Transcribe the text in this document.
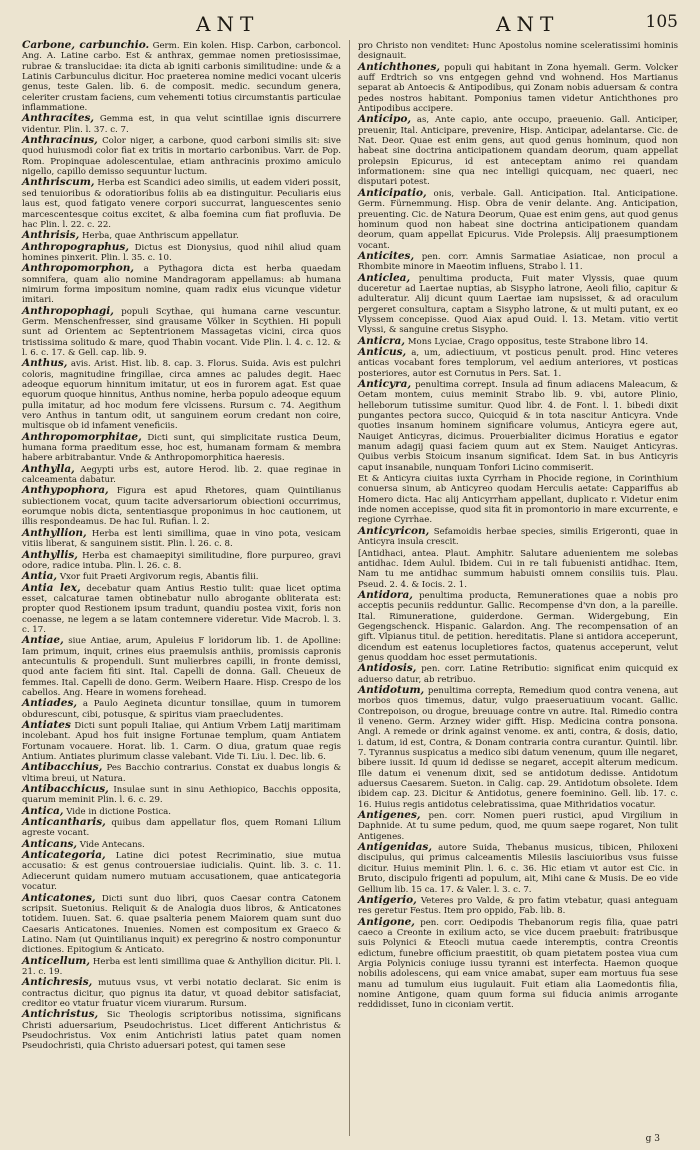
ANT	ANT	105

Carbone, carbunchio. Germ. Ein kolen. Hisp. Carbon, carboncol. Ang. A. Latine carbo. Est & anthrax, gemmae nomen pretiosissimae, rubrae & translucidae: ita dicta ab igniti carbonis similitudine: unde & a Latinis Carbunculus dicitur. Hoc praeterea nomine medici vocant ulceris genus, teste Galen. lib. 6. de composit. medic. secundum genera, celeriter crustam faciens, cum vehementi totius circumstantis particulae inflammatione.

Anthracites, Gemma est, in qua velut scintillae ignis discurrere videntur. Plin. l. 37. c. 7.

Anthracinus, Color niger, a carbone, quod carboni similis sit: sive quod huiusmodi color fiat ex tritis in mortario carbonibus. Varr. de Pop. Rom. Propinquae adolescentulae, etiam anthracinis proximo amiculo nigello, capillo demisso sequuntur luctum.

Anthriscum, Herba est Scandici adeo similis, ut eadem videri possit, sed tenuioribus & odoratioribus foliis ab ea distinguitur. Peculiaris eius laus est, quod fatigato venere corpori succurrat, languescentes senio marcescentesque coitus excitet, & alba foemina cum fiat profluvia. De hac Plin. l. 22. c. 22.

Anthrisis, Herba, quae Anthriscum appellatur.

Anthropographus, Dictus est Dionysius, quod nihil aliud quam homines pinxerit. Plin. l. 35. c. 10.

Anthropomorphon, a Pythagora dicta est herba quaedam somnifera, quam alio nomine Mandragoram appellamus: ab humana nimirum forma impositum nomine, quam radix eius vicunque videtur imitari.

Anthropophagi, populi Scythae, qui humana carne vescuntur. Germ. Menschenfresser, sind grausame Völker in Scythien. Hi populi sunt ad Orientem ac Septentrionem Massagetas vicini, circa quos tristissima solitudo & mare, quod Thabin vocant. Vide Plin. l. 4. c. 12. & l. 6. c. 17. & Gell. cap. lib. 9.

Anthus, avis. Arist. Hist. lib. 8. cap. 3. Florus. Suida. Avis est pulchri coloris, magnitudine fringillae, circa amnes ac paludes degit. Haec adeoque equorum hinnitum imitatur, ut eos in furorem agat. Est quae equorum quoque hinnitus, Anthus nomine, herba populo adeoque equum pulla imitatur, ad hoc modum fere vlcissens. Rursum c. 74. Aegithum vero Anthus in tantum odit, ut sanguinem eorum credant non coire, multisque ob id infament veneficiis.

Anthropomorphitae, Dicti sunt, qui simplicitate rustica Deum, humana forma praeditum esse, hoc est, humanam formam & membra habere arbitrabantur. Vnde & Anthropomorphitica haeresis.

Anthylla, Aegypti urbs est, autore Herod. lib. 2. quae reginae in calceamenta dabatur.

Anthypophora, Figura est apud Rhetores, quam Quintilianus subiectionem vocat, quum tacite adversariorum obiectioni occurrimus, eorumque nobis dicta, sententiasque proponimus in hoc cautionem, ut illis respondeamus. De hac Iul. Rufian. l. 2.

Anthyllion, Herba est lenti simillima, quae in vino pota, vesicam vitiis liberat, & sanguinem sistit. Plin. l. 26. c. 8.

Anthyllis, Herba est chamaepityi similitudine, flore purpureo, gravi odore, radice intuba. Plin. l. 26. c. 8.

Antia, Vxor fuit Praeti Argivorum regis, Abantis filii.

Antia lex, decebatur quam Antius Restio tulit: quae licet optima esset, calcaturae tamen obtinebatur nullo abrogante obliterata est: propter quod Restionem ipsum tradunt, quandiu postea vixit, foris non coenasse, ne legem a se latam contemnere videretur. Vide Macrob. l. 3. c. 17.

Antiae, siue Antiae, arum, Apuleius F loridorum lib. 1. de Apolline: Iam primum, inquit, crines eius praemulsis anthiis, promissis capronis antecuntulis & propenduli. Sunt mulierbres capilli, in fronte demissi, quod ante faciem fiti sint. Ital. Capelli de donna. Gall. Cheueux de femmes. Ital. Capelli de dono. Germ. Weibern Haare. Hisp. Crespo de los cabellos. Ang. Heare in womens forehead.

Antiades, a Paulo Aegineta dicuntur tonsillae, quum in tumorem obdurescunt, cibi, potusque, & spiritus viam praecludentes.

Antiates Dicti sunt populi Italiae, qui Antium Vrbem Latij maritimam incolebant. Apud hos fuit insigne Fortunae templum, quam Antiatem Fortunam vocauere. Horat. lib. 1. Carm. O diua, gratum quae regis Antium. Antiates plurimum classe valebant. Vide Ti. Liu. l. Dec. lib. 6.

Antibacchius, Pes Bacchio contrarius. Constat ex duabus longis & vltima breui, ut Natura.

Antibacchicus, Insulae sunt in sinu Aethiopico, Bacchis opposita, quarum meminit Plin. l. 6. c. 29.

Antica, Vide in dictione Postica.

Anticantharis, quibus dam appellatur flos, quem Romani Lilium agreste vocant.

Anticans, Vide Antecans.

Anticategoria, Latine dici potest Recriminatio, siue mutua accusatio: & est genus controuersiae iudicialis. Quint. lib. 3. c. 11. Adiecerunt quidam numero mutuam accusationem, quae anticategoria vocatur.

Anticatones, Dicti sunt duo libri, quos Caesar contra Catonem scripsit. Suetonius. Reliquit & de Analogia duos libros, & Anticatones totidem. Iuuen. Sat. 6. quae psalteria penem Maiorem quam sunt duo Caesaris Anticatones. Inuenies. Nomen est compositum ex Graeco & Latino. Nam (ut Quintilianus inquit) ex peregrino & nostro componuntur dictiones. Epitogium & Anticato.

Anticellum, Herba est lenti simillima quae & Anthyllion dicitur. Pli. l. 21. c. 19.

Antichresis, mutuus vsus, vt verbi notatio declarat. Sic enim is contractus dicitur, quo pignus ita datur, vt quoad debitor satisfaciat, creditor eo vtatur fruatur vicem viurarum. Rursum.

Antichristus, Sic Theologis scriptoribus notissima, significans Christi aduersarium, Pseudochristus. Licet different Antichristus & Pseudochristus. Vox enim Antichristi latius patet quam nomen Pseudochristi, quia Christo aduersari potest, qui tamen sese

pro Christo non venditet: Hunc Apostolus nomine sceleratissimi hominis designauit.

Antichthones, populi qui habitant in Zona hyemali. Germ. Volcker auff Erdtrich so vns entgegen gehnd vnd wohnend. Hos Martianus separat ab Antoecis & Antipodibus, qui Zonam nobis aduersam & contra pedes nostros habitant. Pomponius tamen videtur Antichthones pro Antipodibus accipere.

Anticipo, as, Ante capio, ante occupo, praeuenio. Gall. Anticiper, preuenir, Ital. Anticipare, prevenire, Hisp. Anticipar, adelantarse. Cic. de Nat. Deor. Quae est enim gens, aut quod genus hominum, quod non habeat sine doctrina anticipationem quandam deorum, quam appellat prolepsin Epicurus, id est anteceptam animo rei quandam informationem: sine qua nec intelligi quicquam, nec quaeri, nec disputari potest.

Anticipatio, onis, verbale. Gall. Anticipation. Ital. Anticipatione. Germ. Fürnemmung. Hisp. Obra de venir delante. Ang. Anticipation, preuenting. Cic. de Natura Deorum, Quae est enim gens, aut quod genus hominum quod non habeat sine doctrina anticipationem quandam deorum, quam appellat Epicurus. Vide Prolepsis. Alij praesumptionem vocant.

Anticites, pen. corr. Amnis Sarmatiae Asiaticae, non procul a Rhombite minore in Maeotim influens, Strabo l. 11.

Anticlea, penultima producta, Fuit mater Vlyssis, quae quum duceretur ad Laertae nuptias, ab Sisypho latrone, Aeoli filio, capitur & adulteratur. Alij dicunt quum Laertae iam nupsisset, & ad oraculum pergeret consultura, captam a Sisypho latrone, & ut multi putant, ex eo Vlyssem concepisse. Quod Aiax apud Ouid. l. 13. Metam. vitio vertit Vlyssi, & sanguine cretus Sisypho.

Anticra, Mons Lyciae, Crago oppositus, teste Strabone libro 14.

Anticus, a, um, adiectiuum, vt posticus penult. prod. Hinc veteres anticas vocabant fores templorum, vel aedium anteriores, vt posticas posteriores, autor est Cornutus in Pers. Sat. 1.

Anticyra, penultima corrept. Insula ad finum adiacens Maleacum, & Oetam montem, cuius meminit Strabo lib. 9. vbi, autore Plinio, helleborum tutissime sumitur. Quod libr. 4. de Font. l. 1. bibedi dixit pungantes pectora succo, Quicquid & in tota nascitur Anticyra. Vnde quoties insanum hominem significare volumus, Anticyra egere aut, Nauiget Anticyras, dicimus. Prouerbialiter dicimus Horatius e egator manum adagij quasi faciem quum aut ex Stem. Nauiget Anticyras. Quibus verbis Stoicum insanum significat. Idem Sat. in bus Anticyris caput insanabile, nunquam Tonfori Licino commiserit.

Et & Anticyra ciuitas iuxta Cyrrham in Phocide regione, in Corinthium conuersa sinum, ab Anticyreo quodam Herculis aetate: Cappariffus ab Homero dicta. Hac alij Anticyrrham appellant, duplicato r. Videtur enim inde nomen accepisse, quod sita fit in promontorio in mare excurrente, e regione Cyrrhae.

Anticyricon, Sefamoidis herbae species, similis Erigeronti, quae in Anticyra insula crescit.

[Antidhaci, antea. Plaut. Amphitr. Salutare aduenientem me solebas antidhac. Idem Aulul. Ibidem. Cui in re tali fubuenisti antidhac. Item, Nam tu me antidhac summum habuisti omnem consiliis tuis. Plau. Pseud. 2. 4. & Iocis. 2. 1.

Antidora, penultima producta, Remunerationes quae a nobis pro acceptis pecuniis redduntur. Gallic. Recompense d'vn don, a la pareille. Ital. Rimuneratione, guiderdone. German. Widergebung, Ein Gegengschenck. Hispanic. Galardon. Ang. The recompensation of an gift. Vlpianus titul. de petition. hereditatis. Plane si antidora acceperunt, dicendum est eatenus locupletiores factos, quatenus acceperunt, velut genus quoddam hoc esset permutationis.

Antidosis, pen. corr. Latine Retributio: significat enim quicquid ex aduerso datur, ab retribuo.

Antidotum, penultima correpta, Remedium quod contra venena, aut morbos quos timemus, datur, vulgo praeseruatiuum vocant. Gallic. Contrepoison, ou drogue, breuuage contre vn autre. Ital. Rimedio contra il veneno. Germ. Arzney wider gifft. Hisp. Medicina contra ponsona. Angl. A remede or drink against venome. ex anti, contra, & dosis, datio, i. datum, id est, Contra, & Donam contraria contra curantur. Quintil. libr. 7. Tyrannus suspicatus a medico sibi datum venenum, quum ille negaret, bibere iussit. Id quum id dedisse se negaret, accepit alterum medicum. Ille datum ei venenum dixit, sed se antidotum dedisse. Antidotum aduersus Caesarem. Sueton. in Calig. cap. 29. Antidotum obsolete. Idem ibidem cap. 23. Dicitur & Antidotus, genere foeminino. Gell. lib. 17. c. 16. Huius regis antidotus celebratissima, quae Mithridatios vocatur.

Antigenes, pen. corr. Nomen pueri rustici, apud Virgilium in Daphnide. At tu sume pedum, quod, me quum saepe rogaret, Non tulit Antigenes.

Antigenidas, autore Suida, Thebanus musicus, tibicen, Philoxeni discipulus, qui primus calceamentis Milesiis lasciuioribus vsus fuisse dicitur. Huius meminit Plin. l. 6. c. 36. Hic etiam vt autor est Cic. in Bruto, discipulo frigenti ad populum, ait, Mihi cane & Musis. De eo vide Gellium lib. 15 ca. 17. & Valer. l. 3. c. 7.

Antigerio, Veteres pro Valde, & pro fatim vtebatur, quasi anteguam res geretur Festus. Item pro oppido, Fab. lib. 8.

Antigone, pen. corr. Oedipodis Thebanorum regis filia, quae patri caeco a Creonte in exilium acto, se vice ducem praebuit: fratribusque suis Polynici & Eteocli mutua caede interemptis, contra Creontis edictum, funebre officium praestitit, ob quam pietatem postea viua cum Argia Polynicis coniuge iussu tyranni est interfecta. Haemon quoque nobilis adolescens, qui eam vnice amabat, super eam mortuus fua sese manu ad tumulum eius iugulauit. Fuit etiam alia Laomedontis filia, nomine Antigone, quam quum forma sui fiducia animis arrogante reddidisset, Iuno in ciconiam vertit.

g 3
